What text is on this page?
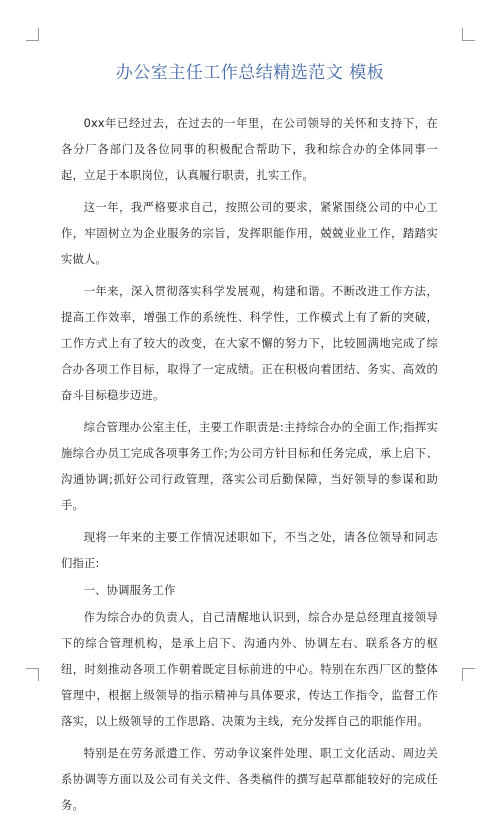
办公室主任工作总结精选范文 模板

0xx年已经过去，在过去的一年里，在公司领导的关怀和支持下，在各分厂各部门及各位同事的积极配合帮助下，我和综合办的全体同事一起，立足于本职岗位，认真履行职责，扎实工作。

这一年，我严格要求自己，按照公司的要求，紧紧围绕公司的中心工作，牢固树立为企业服务的宗旨，发挥职能作用，兢兢业业工作，踏踏实实做人。

一年来，深入贯彻落实科学发展观，构建和谐。不断改进工作方法，提高工作效率，增强工作的系统性、科学性，工作模式上有了新的突破，工作方式上有了较大的改变，在大家不懈的努力下，比较圆满地完成了综合办各项工作目标，取得了一定成绩。正在积极向着团结、务实、高效的奋斗目标稳步迈进。

综合管理办公室主任，主要工作职责是:主持综合办的全面工作;指挥实施综合办员工完成各项事务工作;为公司方针目标和任务完成，承上启下、沟通协调;抓好公司行政管理，落实公司后勤保障，当好领导的参谋和助手。

现将一年来的主要工作情况述职如下，不当之处，请各位领导和同志们指正:

一、协调服务工作

作为综合办的负责人，自己清醒地认识到，综合办是总经理直接领导下的综合管理机构，是承上启下、沟通内外、协调左右、联系各方的枢纽，时刻推动各项工作朝着既定目标前进的中心。特别在东西厂区的整体管理中，根据上级领导的指示精神与具体要求，传达工作指令，监督工作落实，以上级领导的工作思路、决策为主线，充分发挥自己的职能作用。

特别是在劳务派遣工作、劳动争议案件处理、职工文化活动、周边关系协调等方面以及公司有关文件、各类稿件的撰写起草都能较好的完成任务。
